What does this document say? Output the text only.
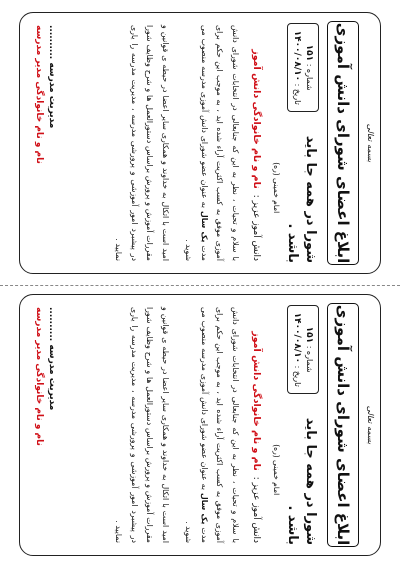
بسمه تعالی
ابلاغ اعضای شورای دانش آموزی
شورا در همه جا باید باشد .
امام خمینی (ره)
شماره : ۱۵۱
تاریخ : ۱۴۰۰/۰۸/۱۰
دانش آموز عزیز :
نام و نام خانوادگی دانش آموز
با سلام و تحیات ، نظر به این که جنابعالی در انتخابات شورای دانش آموزی موفق به کسب اکثریت آراء شده اید ، به موجب این حکم برای مدت یک سال به عنوان عضو شورای دانش آموزی مدرسه منصوب می شوید .
امید است با اتکال به خداوند و همکاری سایر اعضا در حیطه ی قوانین و مقررات آموزش و پرورش براساس دستورالعمل ها و شرح وظایف شورا در پیشبرد امور آموزشی و پرورشی مدرسه ، مدیریت مدرسه را یاری نمایید .
مدیریت مدرسه ..........
نام و نام خانوادگی مدیر مدرسه
بسمه تعالی
ابلاغ اعضای شورای دانش آموزی
شورا در همه جا باید باشد .
امام خمینی (ره)
شماره : ۱۵۱
تاریخ : ۱۴۰۰/۰۸/۱۰
دانش آموز عزیز :
نام و نام خانوادگی دانش آموز
با سلام و تحیات ، نظر به این که جنابعالی در انتخابات شورای دانش آموزی موفق به کسب اکثریت آراء شده اید ، به موجب این حکم برای مدت یک سال به عنوان عضو شورای دانش آموزی مدرسه منصوب می شوید .
امید است با اتکال به خداوند و همکاری سایر اعضا در حیطه ی قوانین و مقررات آموزش و پرورش براساس دستورالعمل ها و شرح وظایف شورا در پیشبرد امور آموزشی و پرورشی مدرسه ، مدیریت مدرسه را یاری نمایید .
مدیریت مدرسه ..........
نام و نام خانوادگی مدیر مدرسه
